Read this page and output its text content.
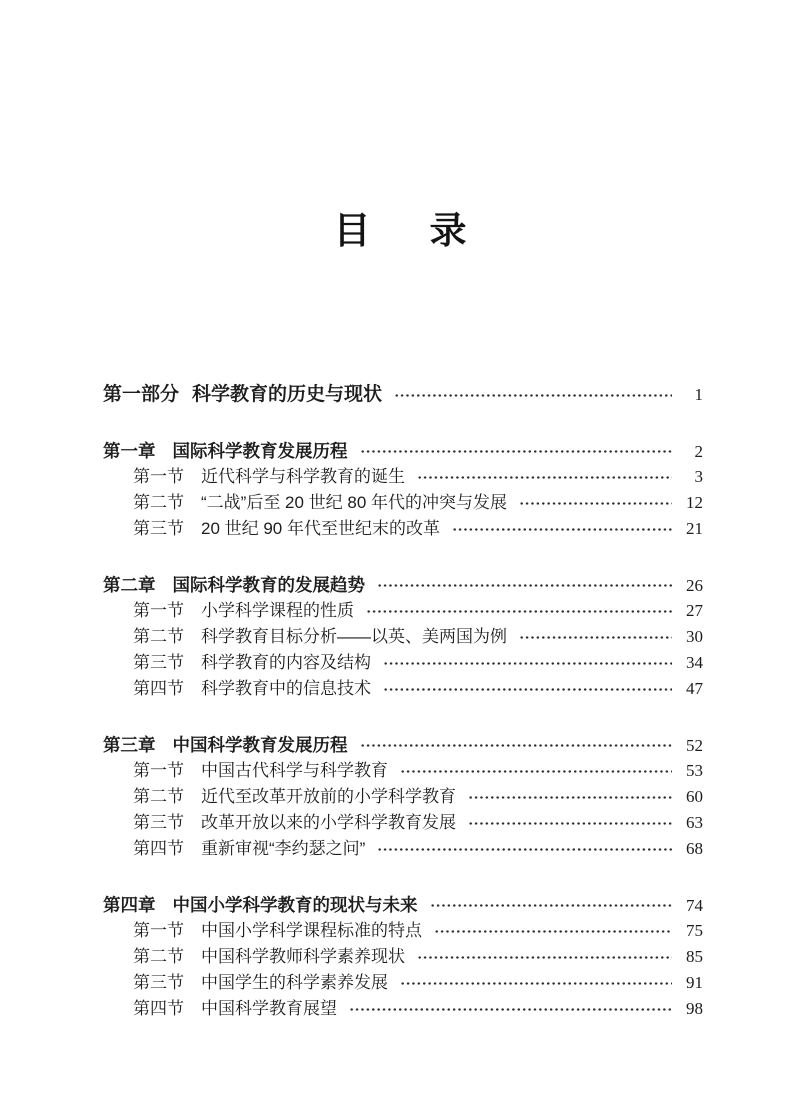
目　录
第一部分 科学教育的历史与现状	1
第一章 国际科学教育发展历程	2
第一节 近代科学与科学教育的诞生	3
第二节 “二战”后至 20 世纪 80 年代的冲突与发展	12
第三节 20 世纪 90 年代至世纪末的改革	21
第二章 国际科学教育的发展趋势	26
第一节 小学科学课程的性质	27
第二节 科学教育目标分析——以英、美两国为例	30
第三节 科学教育的内容及结构	34
第四节 科学教育中的信息技术	47
第三章 中国科学教育发展历程	52
第一节 中国古代科学与科学教育	53
第二节 近代至改革开放前的小学科学教育	60
第三节 改革开放以来的小学科学教育发展	63
第四节 重新审视“李约瑟之问”	68
第四章 中国小学科学教育的现状与未来	74
第一节 中国小学科学课程标准的特点	75
第二节 中国科学教师科学素养现状	85
第三节 中国学生的科学素养发展	91
第四节 中国科学教育展望	98
